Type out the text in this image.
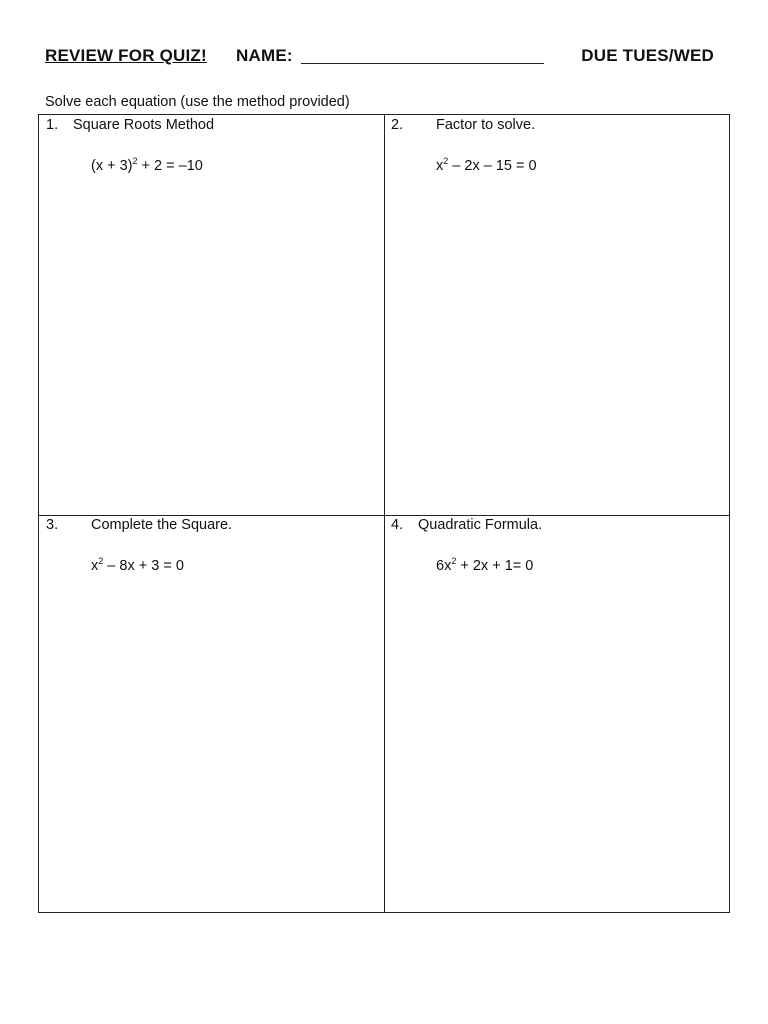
REVIEW FOR QUIZ! NAME:	DUE TUES/WED
Solve each equation (use the method provided)
1. Square Roots Method
$(x + 3)^2 + 2 = -10$
2. Factor to solve.
$x^2 - 2x - 15 = 0$
3. Complete the Square.
$x^2 - 8x + 3 = 0$
4. Quadratic Formula.
$6x^2 + 2x + 1= 0$
